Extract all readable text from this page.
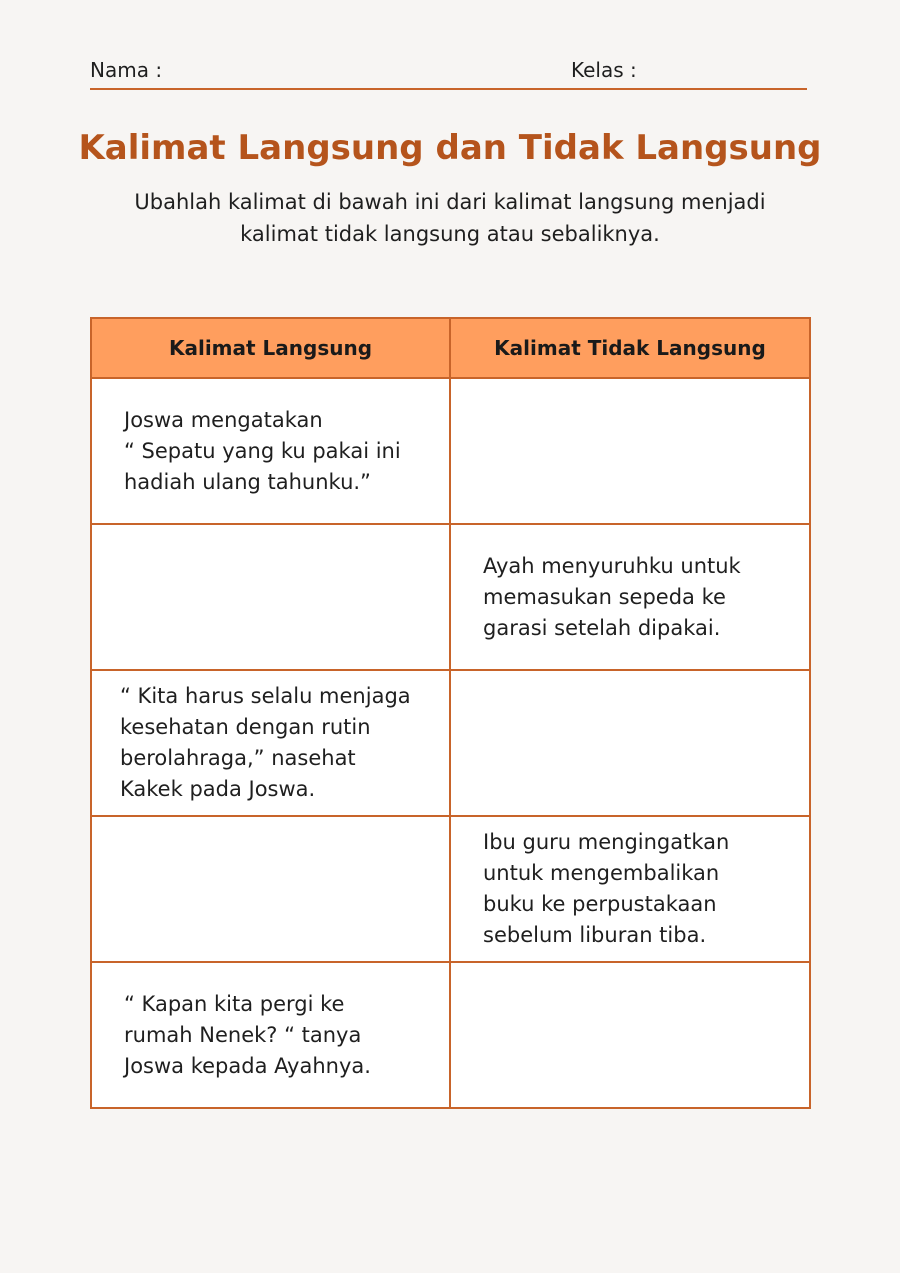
Nama :	Kelas :
Kalimat Langsung dan Tidak Langsung
Ubahlah kalimat di bawah ini dari kalimat langsung menjadi
kalimat tidak langsung atau sebaliknya.
Kalimat Langsung	Kalimat Tidak Langsung

Joswa mengatakan
“ Sepatu yang ku pakai ini
hadiah ulang tahunku.”	

	Ayah menyuruhku untuk
memasukan sepeda ke
garasi setelah dipakai.

“ Kita harus selalu menjaga
kesehatan dengan rutin
berolahraga,” nasehat
Kakek pada Joswa.	

	Ibu guru mengingatkan
untuk mengembalikan
buku ke perpustakaan
sebelum liburan tiba.

“ Kapan kita pergi ke
rumah Nenek? “ tanya
Joswa kepada Ayahnya.	
